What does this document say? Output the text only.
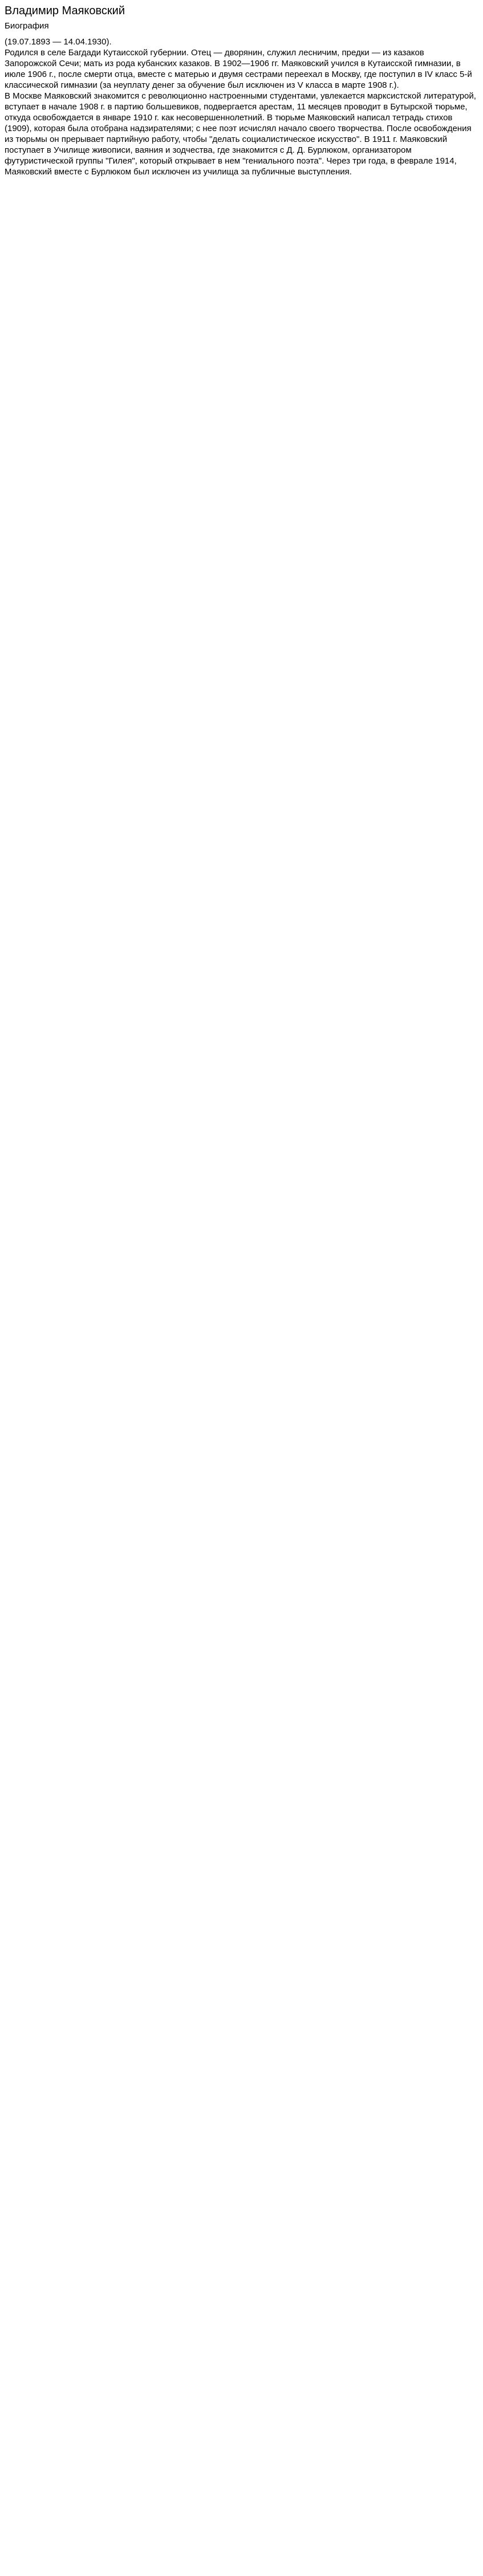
Владимир Маяковский
Биография

(19.07.1893 — 14.04.1930).

Родился в селе Багдади Кутаисской губернии. Отец — дворянин, служил лесничим, предки — из казаков Запорожской Сечи; мать из рода кубанских казаков. В 1902—1906 гг. Маяковский учился в Кутаисской гимназии, в июле 1906 г., после смерти отца, вместе с матерью и двумя сестрами переехал в Москву, где поступил в IV класс 5-й классической гимназии (за неуплату денег за обучение был исключен из V класса в марте 1908 г.).

В Москве Маяковский знакомится с революционно настроенными студентами, увлекается марксистской литературой, вступает в начале 1908 г. в партию большевиков, подвергается арестам, 11 месяцев проводит в Бутырской тюрьме, откуда освобождается в январе 1910 г. как несовершеннолетний. В тюрьме Маяковский написал тетрадь стихов (1909), которая была отобрана надзирателями; с нее поэт исчислял начало своего творчества. После освобождения из тюрьмы он прерывает партийную работу, чтобы "делать социалистическое искусство". В 1911 г. Маяковский поступает в Училище живописи, ваяния и зодчества, где знакомится с Д. Д. Бурлюком, организатором футуристической группы "Гилея", который открывает в нем "гениального поэта". Через три года, в феврале 1914, Маяковский вместе с Бурлюком был исключен из училища за публичные выступления.
